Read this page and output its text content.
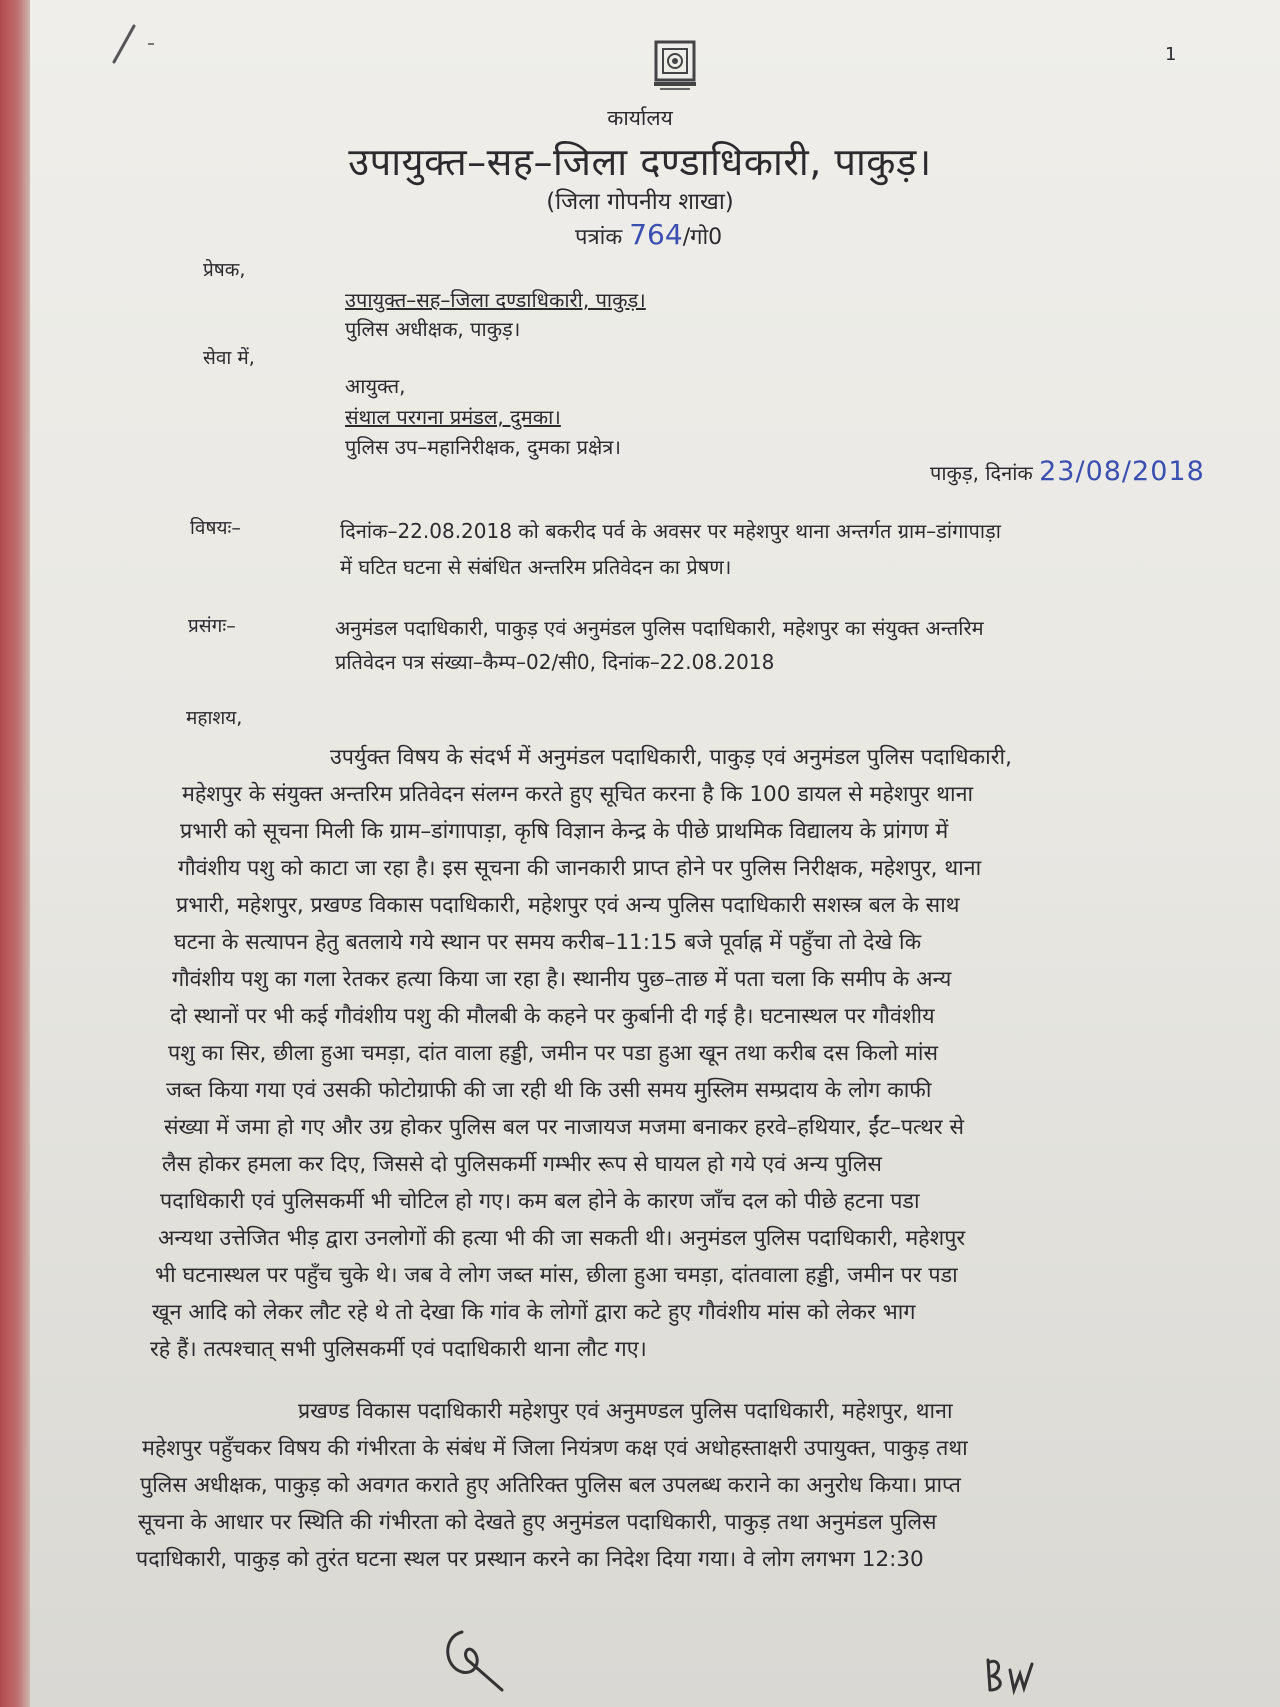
1
कार्यालय
उपायुक्त–सह–जिला दण्डाधिकारी, पाकुड़।
(जिला गोपनीय शाखा)
पत्रांक 764/गो0
प्रेषक,
उपायुक्त–सह–जिला दण्डाधिकारी, पाकुड़।
पुलिस अधीक्षक, पाकुड़।
सेवा में,
आयुक्त,
संथाल परगना प्रमंडल, दुमका।
पुलिस उप–महानिरीक्षक, दुमका प्रक्षेत्र।
पाकुड़, दिनांक 23/08/2018
विषयः–	दिनांक–22.08.2018 को बकरीद पर्व के अवसर पर महेशपुर थाना अन्तर्गत ग्राम–डांगापाड़ा
में घटित घटना से संबंधित अन्तरिम प्रतिवेदन का प्रेषण।
प्रसंगः–	अनुमंडल पदाधिकारी, पाकुड़ एवं अनुमंडल पुलिस पदाधिकारी, महेशपुर का संयुक्त अन्तरिम
प्रतिवेदन पत्र संख्या–कैम्प–02/सी0, दिनांक–22.08.2018
महाशय,
उपर्युक्त विषय के संदर्भ में अनुमंडल पदाधिकारी, पाकुड़ एवं अनुमंडल पुलिस पदाधिकारी,
महेशपुर के संयुक्त अन्तरिम प्रतिवेदन संलग्न करते हुए सूचित करना है कि 100 डायल से महेशपुर थाना
प्रभारी को सूचना मिली कि ग्राम–डांगापाड़ा, कृषि विज्ञान केन्द्र के पीछे प्राथमिक विद्यालय के प्रांगण में
गौवंशीय पशु को काटा जा रहा है। इस सूचना की जानकारी प्राप्त होने पर पुलिस निरीक्षक, महेशपुर, थाना
प्रभारी, महेशपुर, प्रखण्ड विकास पदाधिकारी, महेशपुर एवं अन्य पुलिस पदाधिकारी सशस्त्र बल के साथ
घटना के सत्यापन हेतु बतलाये गये स्थान पर समय करीब–11:15 बजे पूर्वाह्न में पहुँचा तो देखे कि
गौवंशीय पशु का गला रेतकर हत्या किया जा रहा है। स्थानीय पुछ–ताछ में पता चला कि समीप के अन्य
दो स्थानों पर भी कई गौवंशीय पशु की मौलबी के कहने पर कुर्बानी दी गई है। घटनास्थल पर गौवंशीय
पशु का सिर, छीला हुआ चमड़ा, दांत वाला हड्डी, जमीन पर पडा हुआ खून तथा करीब दस किलो मांस
जब्त किया गया एवं उसकी फोटोग्राफी की जा रही थी कि उसी समय मुस्लिम सम्प्रदाय के लोग काफी
संख्या में जमा हो गए और उग्र होकर पुलिस बल पर नाजायज मजमा बनाकर हरवे–हथियार, ईंट–पत्थर से
लैस होकर हमला कर दिए, जिससे दो पुलिसकर्मी गम्भीर रूप से घायल हो गये एवं अन्य पुलिस
पदाधिकारी एवं पुलिसकर्मी भी चोटिल हो गए। कम बल होने के कारण जाँच दल को पीछे हटना पडा
अन्यथा उत्तेजित भीड़ द्वारा उनलोगों की हत्या भी की जा सकती थी। अनुमंडल पुलिस पदाधिकारी, महेशपुर
भी घटनास्थल पर पहुँच चुके थे। जब वे लोग जब्त मांस, छीला हुआ चमड़ा, दांतवाला हड्डी, जमीन पर पडा
खून आदि को लेकर लौट रहे थे तो देखा कि गांव के लोगों द्वारा कटे हुए गौवंशीय मांस को लेकर भाग
रहे हैं। तत्पश्चात् सभी पुलिसकर्मी एवं पदाधिकारी थाना लौट गए।
प्रखण्ड विकास पदाधिकारी महेशपुर एवं अनुमण्डल पुलिस पदाधिकारी, महेशपुर, थाना
महेशपुर पहुँचकर विषय की गंभीरता के संबंध में जिला नियंत्रण कक्ष एवं अधोहस्ताक्षरी उपायुक्त, पाकुड़ तथा
पुलिस अधीक्षक, पाकुड़ को अवगत कराते हुए अतिरिक्त पुलिस बल उपलब्ध कराने का अनुरोध किया। प्राप्त
सूचना के आधार पर स्थिति की गंभीरता को देखते हुए अनुमंडल पदाधिकारी, पाकुड़ तथा अनुमंडल पुलिस
पदाधिकारी, पाकुड़ को तुरंत घटना स्थल पर प्रस्थान करने का निदेश दिया गया। वे लोग लगभग 12:30
